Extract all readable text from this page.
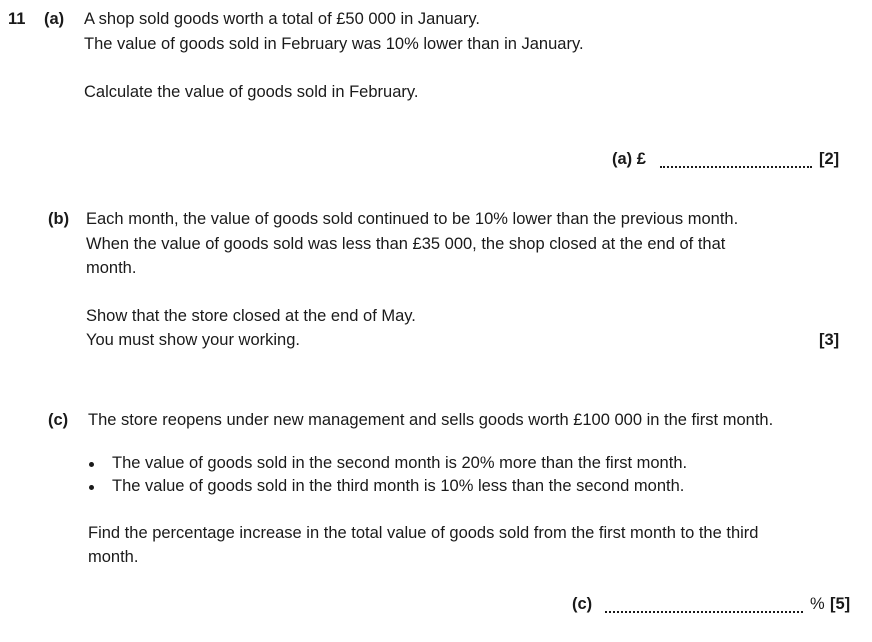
11 (a) A shop sold goods worth a total of £50 000 in January.
The value of goods sold in February was 10% lower than in January.
Calculate the value of goods sold in February.
(a) £	[2]
(b) Each month, the value of goods sold continued to be 10% lower than the previous month.
When the value of goods sold was less than £35 000, the shop closed at the end of that
month.
Show that the store closed at the end of May.
You must show your working.	[3]
(c) The store reopens under new management and sells goods worth £100 000 in the first month.
The value of goods sold in the second month is 20% more than the first month.
The value of goods sold in the third month is 10% less than the second month.
Find the percentage increase in the total value of goods sold from the first month to the third
month.
(c)	% [5]
